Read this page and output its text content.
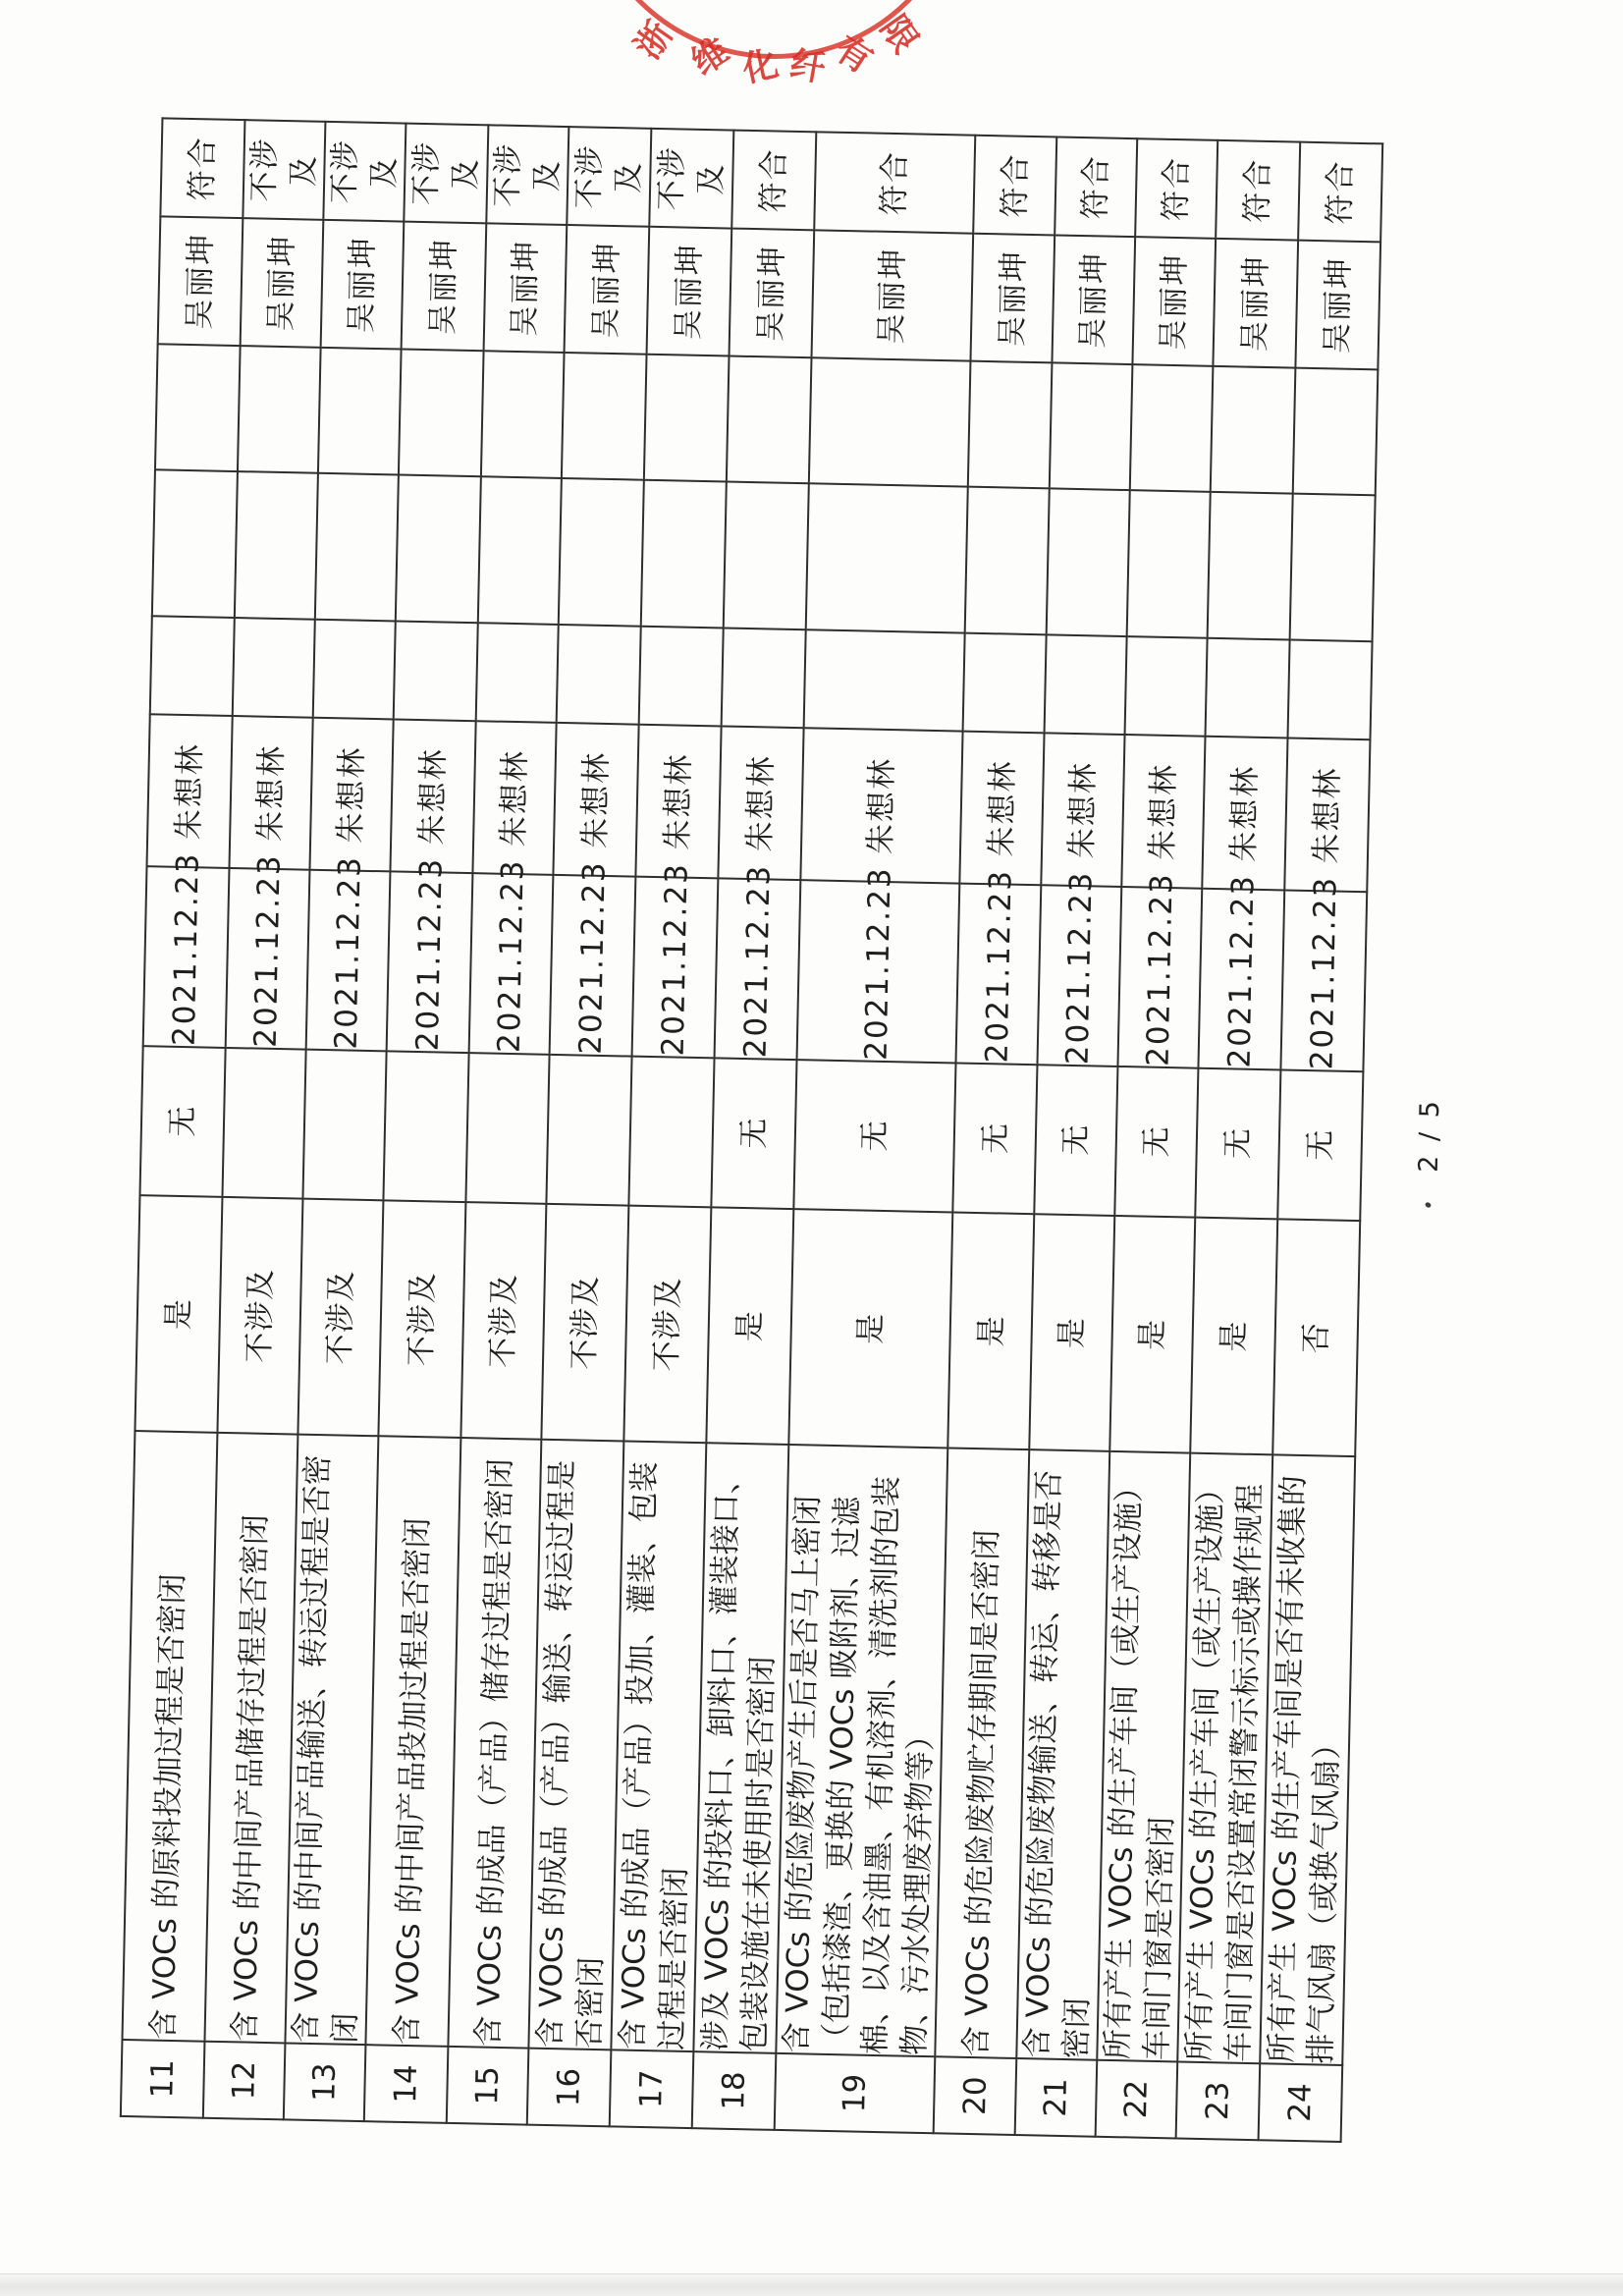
浙 维 化 纤 有
限
11	含 VOCs 的原料投加过程是否密闭	是	无	2021.12.23	朱想林				吴丽坤	符合
12	含 VOCs 的中间产品储存过程是否密闭	不涉及		2021.12.23	朱想林				吴丽坤	不涉及
13	含 VOCs 的中间产品输送、转运过程是否密闭	不涉及		2021.12.23	朱想林				吴丽坤	不涉及
14	含 VOCs 的中间产品投加过程是否密闭	不涉及		2021.12.23	朱想林				吴丽坤	不涉及
15	含 VOCs 的成品（产品）储存过程是否密闭	不涉及		2021.12.23	朱想林				吴丽坤	不涉及
16	含 VOCs 的成品（产品）输送、转运过程是否密闭	不涉及		2021.12.23	朱想林				吴丽坤	不涉及
17	含 VOCs 的成品（产品）投加、灌装、包装过程是否密闭	不涉及		2021.12.23	朱想林				吴丽坤	不涉及
18	涉及 VOCs 的投料口、卸料口、灌装接口、包装设施在未使用时是否密闭	是	无	2021.12.23	朱想林				吴丽坤	符合
19	含 VOCs 的危险废物产生后是否马上密闭（包括漆渣、更换的 VOCs 吸附剂、过滤棉、以及含油墨、有机溶剂、清洗剂的包装物、污水处理废弃物等）	是	无	2021.12.23	朱想林				吴丽坤	符合
20	含 VOCs 的危险废物贮存期间是否密闭	是	无	2021.12.23	朱想林				吴丽坤	符合
21	含 VOCs 的危险废物输送、转运、转移是否密闭	是	无	2021.12.23	朱想林				吴丽坤	符合
22	所有产生 VOCs 的生产车间（或生产设施）车间门窗是否密闭	是	无	2021.12.23	朱想林				吴丽坤	符合
23	所有产生 VOCs 的生产车间（或生产设施）车间门窗是否设置常闭警示标示或操作规程	是	无	2021.12.23	朱想林				吴丽坤	符合
24	所有产生 VOCs 的生产车间是否有未收集的排气风扇（或换气风扇）	否	无	2021.12.23	朱想林				吴丽坤	符合
2 / 5
